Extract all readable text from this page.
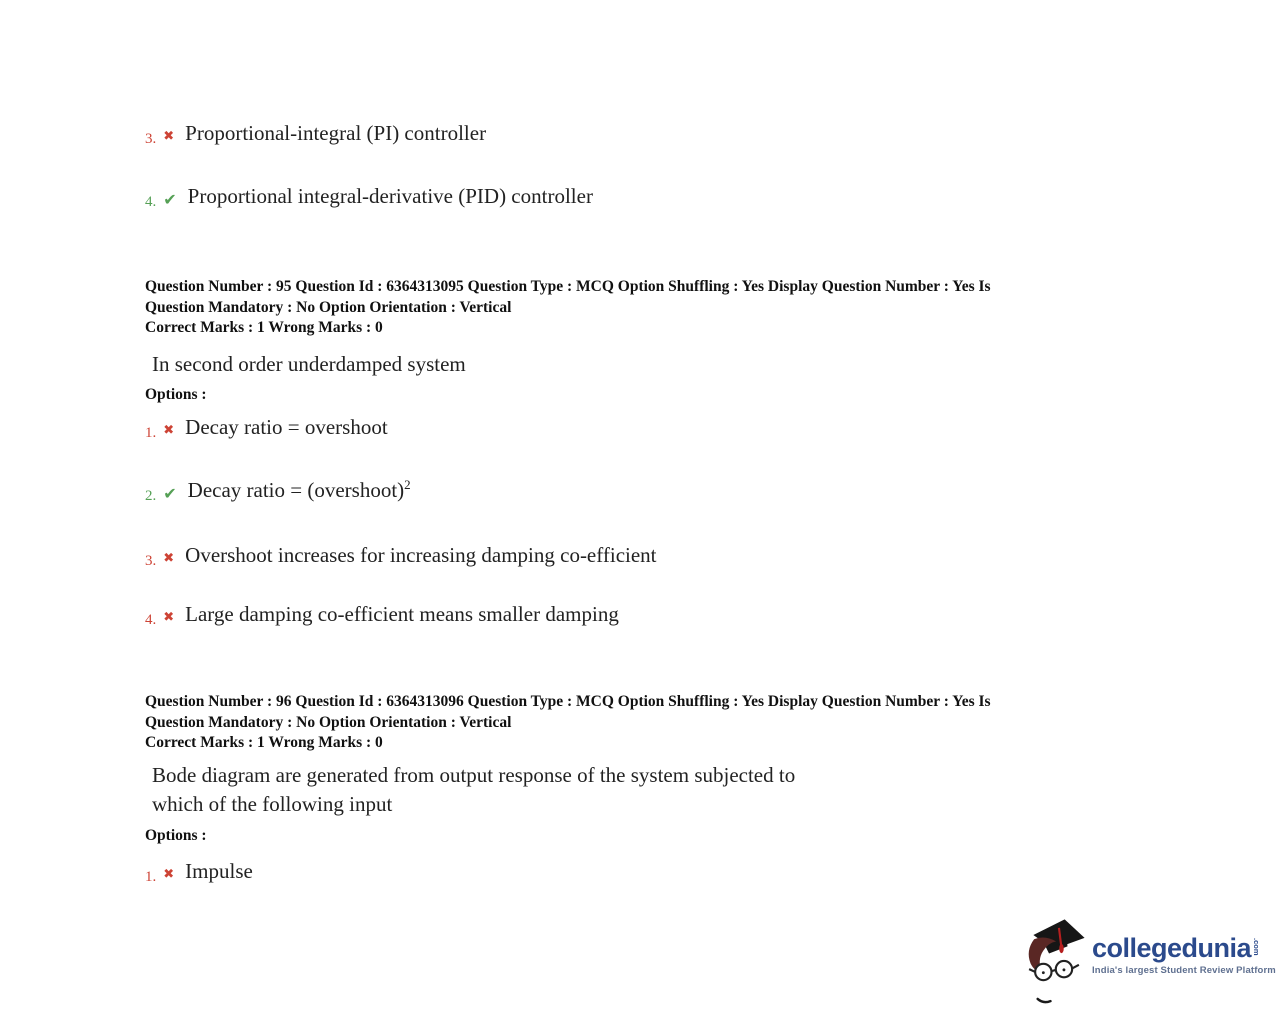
3. ✖ Proportional-integral (PI) controller
4. ✔ Proportional integral-derivative (PID) controller
Question Number : 95 Question Id : 6364313095 Question Type : MCQ Option Shuffling : Yes Display Question Number : Yes Is
Question Mandatory : No Option Orientation : Vertical
Correct Marks : 1 Wrong Marks : 0
In second order underdamped system
Options :
1. ✖ Decay ratio = overshoot
2. ✔ Decay ratio = (overshoot)$^2$
3. ✖ Overshoot increases for increasing damping co-efficient
4. ✖ Large damping co-efficient means smaller damping
Question Number : 96 Question Id : 6364313096 Question Type : MCQ Option Shuffling : Yes Display Question Number : Yes Is
Question Mandatory : No Option Orientation : Vertical
Correct Marks : 1 Wrong Marks : 0
Bode diagram are generated from output response of the system subjected to
which of the following input
Options :
1. ✖ Impulse
collegedunia .com
India's largest Student Review Platform
